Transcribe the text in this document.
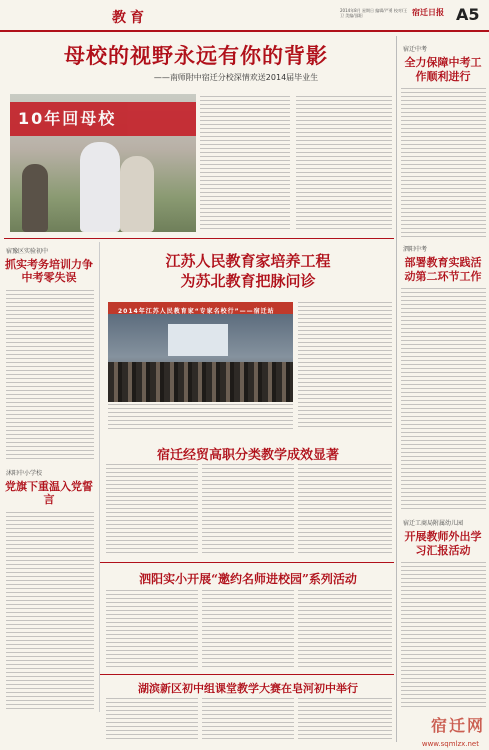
教育	2014年8月 星期日 编辑/严勇 校对/王卫 美编/邵阳	宿迁日报 A5
母校的视野永远有你的背影
——南师附中宿迁分校深情欢送2014届毕业生
10年回母校
宿迁中考
全力保障中考工作顺利进行
泗阳中考
部署教育实践活动第二环节工作
宿迁工商局附属幼儿园
开展教师外出学习汇报活动
宿豫区实验初中
抓实考务培训力争中考零失误
沭阳中小学校
党旗下重温入党誓言
江苏人民教育家培养工程
为苏北教育把脉问诊
2014年江苏人民教育家“专家名校行”——宿迁站
宿迁经贸高职分类教学成效显著
泗阳实小开展“邀约名师进校园”系列活动
湖滨新区初中组课堂教学大赛在皂河初中举行
宿迁网
www.sqmlzx.net
